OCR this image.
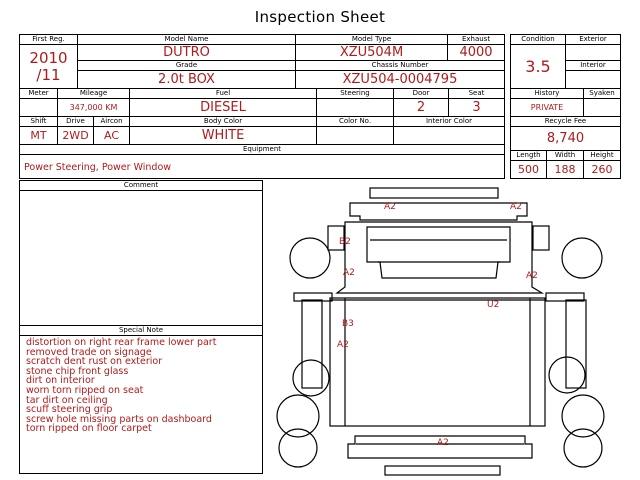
Inspection Sheet
First Reg.	Model Name	Model Type	Exhaust

2010
/11	DUTRO	XZU504M	4000
	Grade	Chassis Number	
	2.0t BOX	XZU504-0004795	
Condition	Exterior
3.5	
	Interior

Meter	Mileage		Fuel	Steering	Door	Seat
	347,000 KM		DIESEL		2	3
Shift	Drive	Aircon	Body Color	Color No.	Interior Color	
MT	2WD	AC	WHITE			
Equipment						
Power Steering, Power Window						
History		Syaken
PRIVATE		
Recycle Fee		
8,740		
Length	Width	Height
500	188	260
Comment
Special Note
distortion on right rear frame lower part
removed trade on signage
scratch dent rust on exterior
stone chip front glass
dirt on interior
worn torn ripped on seat
tar dirt on ceiling
scuff steering grip
screw hole missing parts on dashboard
torn ripped on floor carpet
A2	A2
B2
A2	A2
U2
B3
A2
A2
